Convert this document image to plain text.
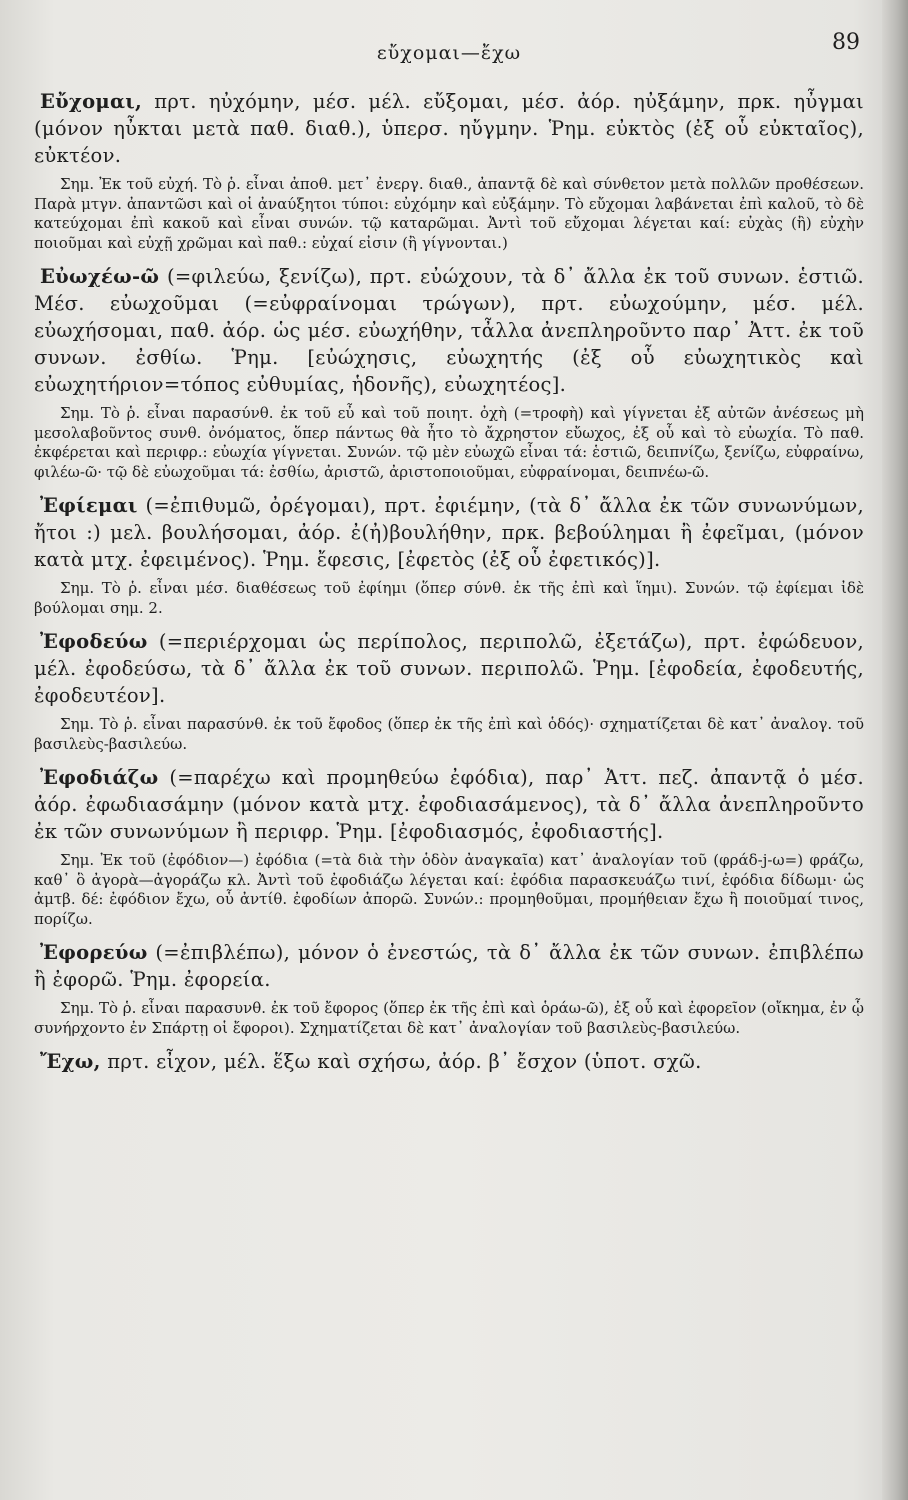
εὔχομαι—ἔχω	89
Εὔχομαι, πρτ. ηὐχόμην, μέσ. μέλ. εὔξομαι, μέσ. ἀόρ. ηὐξάμην, πρκ. ηὖγμαι (μόνον ηὖκται μετὰ παθ. διαθ.), ὑπερσ. ηὔγμην. Ῥημ. εὐκτὸς (ἐξ οὗ εὐκταῖος), εὐκτέον.
Σημ. Ἐκ τοῦ εὐχή. Τὸ ῥ. εἶναι ἀποθ. μετ᾽ ἐνεργ. διαθ., ἀπαντᾷ δὲ καὶ σύνθετον μετὰ πολλῶν προθέσεων. Παρὰ μτγν. ἀπαντῶσι καὶ οἱ ἀναύξητοι τύποι: εὐχόμην καὶ εὐξάμην. Τὸ εὔχομαι λαβάνεται ἐπὶ καλοῦ, τὸ δὲ κατεύχομαι ἐπὶ κακοῦ καὶ εἶναι συνών. τῷ καταρῶμαι. Ἀντὶ τοῦ εὔχομαι λέγεται καί: εὐχὰς (ἢ) εὐχὴν ποιοῦμαι καὶ εὐχῇ χρῶμαι καὶ παθ.: εὐχαί εἰσιν (ἢ γίγνονται.)
Εὐωχέω-ῶ (=φιλεύω, ξενίζω), πρτ. εὐώχουν, τὰ δ᾽ ἄλλα ἐκ τοῦ συνων. ἑστιῶ. Μέσ. εὐωχοῦμαι (=εὐφραίνομαι τρώγων), πρτ. εὐωχούμην, μέσ. μέλ. εὐωχήσομαι, παθ. ἀόρ. ὡς μέσ. εὐωχήθην, τἆλλα ἀνεπληροῦντο παρ᾽ Ἀττ. ἐκ τοῦ συνων. ἐσθίω. Ῥημ. [εὐώχησις, εὐωχητής (ἐξ οὗ εὐωχητικὸς καὶ εὐωχητήριον=τόπος εὐθυμίας, ἡδονῆς), εὐωχητέος].
Σημ. Τὸ ῥ. εἶναι παρασύνθ. ἐκ τοῦ εὖ καὶ τοῦ ποιητ. ὀχὴ (=τροφὴ) καὶ γίγνεται ἐξ αὐτῶν ἀνέσεως μὴ μεσολαβοῦντος συνθ. ὀνόματος, ὅπερ πάντως θὰ ἦτο τὸ ἄχρηστον εὔωχος, ἐξ οὗ καὶ τὸ εὐωχία. Τὸ παθ. ἐκφέρεται καὶ περιφρ.: εὐωχία γίγνεται. Συνών. τῷ μὲν εὐωχῶ εἶναι τά: ἑστιῶ, δειπνίζω, ξενίζω, εὐφραίνω, φιλέω-ῶ· τῷ δὲ εὐωχοῦμαι τά: ἐσθίω, ἀριστῶ, ἀριστοποιοῦμαι, εὐφραίνομαι, δειπνέω-ῶ.
Ἐφίεμαι (=ἐπιθυμῶ, ὀρέγομαι), πρτ. ἐφιέμην, (τὰ δ᾽ ἄλλα ἐκ τῶν συνωνύμων, ἤτοι :) μελ. βουλήσομαι, ἀόρ. ἐ(ἠ)βουλήθην, πρκ. βεβούλημαι ἢ ἐφεῖμαι, (μόνον κατὰ μτχ. ἐφειμένος). Ῥημ. ἔφεσις, [ἐφετὸς (ἐξ οὗ ἐφετικός)].
Σημ. Τὸ ῥ. εἶναι μέσ. διαθέσεως τοῦ ἐφίημι (ὅπερ σύνθ. ἐκ τῆς ἐπὶ καὶ ἵημι). Συνών. τῷ ἐφίεμαι ἰδὲ βούλομαι σημ. 2.
Ἐφοδεύω (=περιέρχομαι ὡς περίπολος, περιπολῶ, ἐξετάζω), πρτ. ἐφώδευον, μέλ. ἐφοδεύσω, τὰ δ᾽ ἄλλα ἐκ τοῦ συνων. περιπολῶ. Ῥημ. [ἐφοδεία, ἐφοδευτής, ἐφοδευτέον].
Σημ. Τὸ ῥ. εἶναι παρασύνθ. ἐκ τοῦ ἔφοδος (ὅπερ ἐκ τῆς ἐπὶ καὶ ὁδός)· σχηματίζεται δὲ κατ᾽ ἀναλογ. τοῦ βασιλεὺς-βασιλεύω.
Ἐφοδιάζω (=παρέχω καὶ προμηθεύω ἐφόδια), παρ᾽ Ἀττ. πεζ. ἀπαντᾷ ὁ μέσ. ἀόρ. ἐφωδιασάμην (μόνον κατὰ μτχ. ἐφοδιασάμενος), τὰ δ᾽ ἄλλα ἀνεπληροῦντο ἐκ τῶν συνωνύμων ἢ περιφρ. Ῥημ. [ἐφοδιασμός, ἐφοδιαστής].
Σημ. Ἐκ τοῦ (ἐφόδιον—) ἐφόδια (=τὰ διὰ τὴν ὁδὸν ἀναγκαῖα) κατ᾽ ἀναλογίαν τοῦ (φράδ-j-ω=) φράζω, καθ᾽ ὃ ἀγορὰ—ἀγοράζω κλ. Ἀντὶ τοῦ ἐφοδιάζω λέγεται καί: ἐφόδια παρασκευάζω τινί, ἐφόδια δίδωμι· ὡς ἀμτβ. δέ: ἐφόδιον ἔχω, οὗ ἀντίθ. ἐφοδίων ἀπορῶ. Συνών.: προμηθοῦμαι, προμήθειαν ἔχω ἢ ποιοῦμαί τινος, πορίζω.
Ἐφορεύω (=ἐπιβλέπω), μόνον ὁ ἐνεστώς, τὰ δ᾽ ἄλλα ἐκ τῶν συνων. ἐπιβλέπω ἢ ἐφορῶ. Ῥημ. ἐφορεία.
Σημ. Τὸ ῥ. εἶναι παρασυνθ. ἐκ τοῦ ἔφορος (ὅπερ ἐκ τῆς ἐπὶ καὶ ὁράω-ῶ), ἐξ οὗ καὶ ἐφορεῖον (οἴκημα, ἐν ᾧ συνήρχοντο ἐν Σπάρτῃ οἱ ἔφοροι). Σχηματίζεται δὲ κατ᾽ ἀναλογίαν τοῦ βασιλεὺς-βασιλεύω.
Ἔχω, πρτ. εἶχον, μέλ. ἕξω καὶ σχήσω, ἀόρ. β᾽ ἔσχον (ὑποτ. σχῶ.
